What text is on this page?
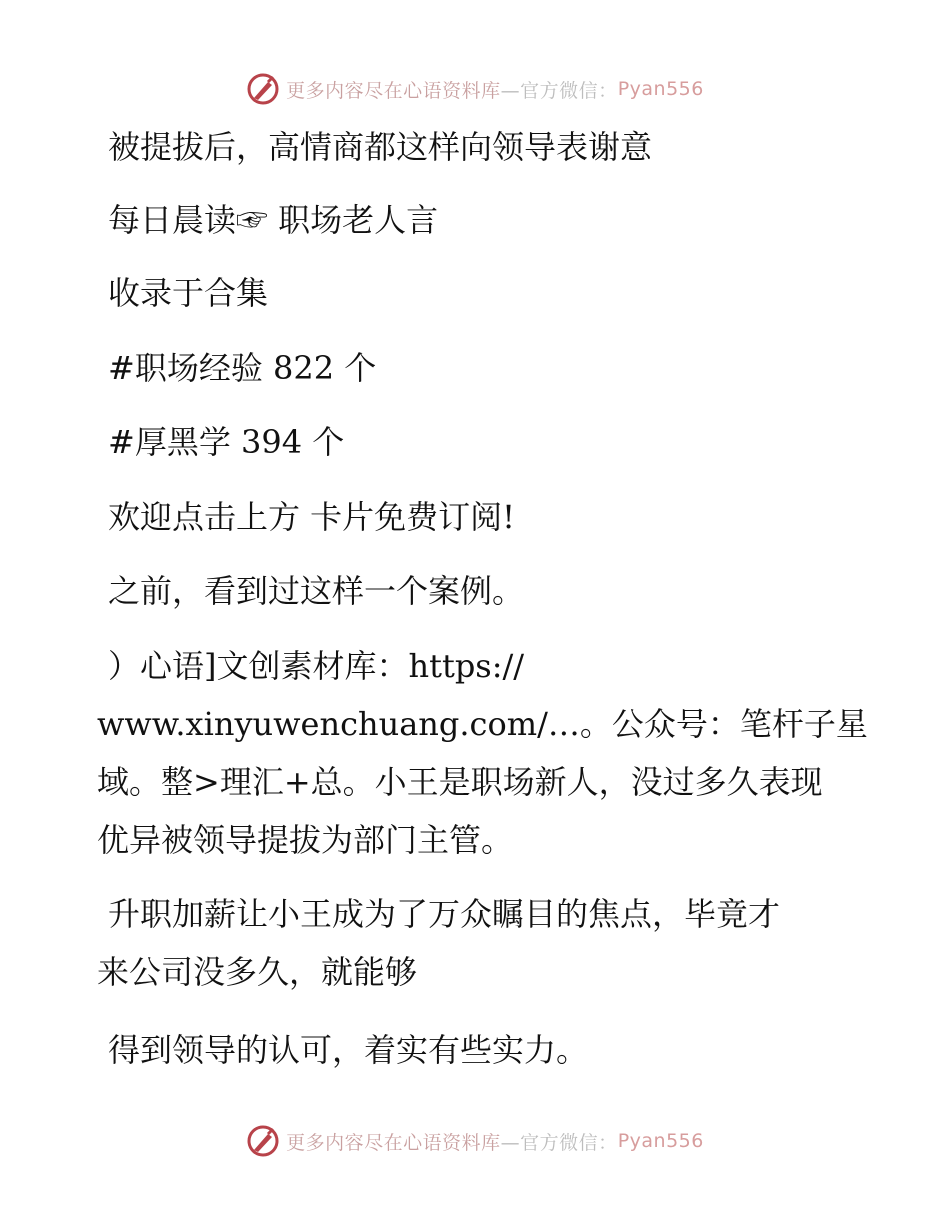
更多内容尽在心语资料库 —官方微信： Pyan556
被提拔后，高情商都这样向领导表谢意
每日晨读☞ 职场老人言
收录于合集
#职场经验 822 个
#厚黑学 394 个
欢迎点击上方 卡片免费订阅!
之前，看到过这样一个案例。
）心语]文创素材库：https://
www.xinyuwenchuang.com/…。公众号：笔杆子星
域。整>理汇+总。小王是职场新人，没过多久表现
优异被领导提拔为部门主管。
升职加薪让小王成为了万众瞩目的焦点，毕竟才
来公司没多久，就能够
得到领导的认可，着实有些实力。
更多内容尽在心语资料库 —官方微信： Pyan556
